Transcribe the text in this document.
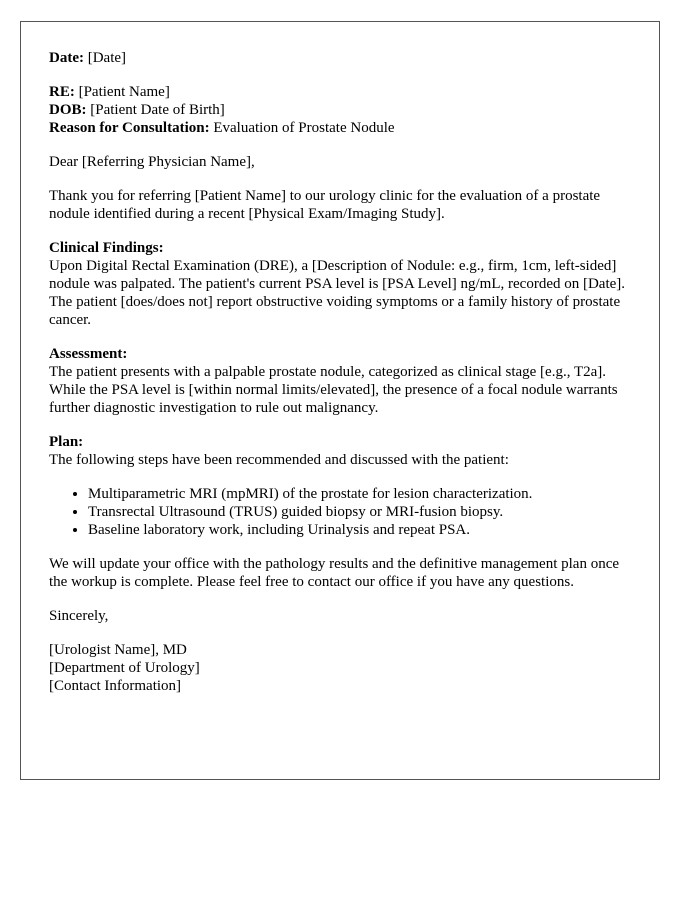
Date: [Date]
RE: [Patient Name]
DOB: [Patient Date of Birth]
Reason for Consultation: Evaluation of Prostate Nodule

Dear [Referring Physician Name],

Thank you for referring [Patient Name] to our urology clinic for the evaluation of a prostate nodule identified during a recent [Physical Exam/Imaging Study].

Clinical Findings:

Upon Digital Rectal Examination (DRE), a [Description of Nodule: e.g., firm, 1cm, left-sided] nodule was palpated. The patient's current PSA level is [PSA Level] ng/mL, recorded on [Date]. The patient [does/does not] report obstructive voiding symptoms or a family history of prostate cancer.

Assessment:

The patient presents with a palpable prostate nodule, categorized as clinical stage [e.g., T2a]. While the PSA level is [within normal limits/elevated], the presence of a focal nodule warrants further diagnostic investigation to rule out malignancy.

Plan:

The following steps have been recommended and discussed with the patient:

• Multiparametric MRI (mpMRI) of the prostate for lesion characterization.
• Transrectal Ultrasound (TRUS) guided biopsy or MRI-fusion biopsy.
• Baseline laboratory work, including Urinalysis and repeat PSA.

We will update your office with the pathology results and the definitive management plan once the workup is complete. Please feel free to contact our office if you have any questions.

Sincerely,

[Urologist Name], MD
[Department of Urology]
[Contact Information]
